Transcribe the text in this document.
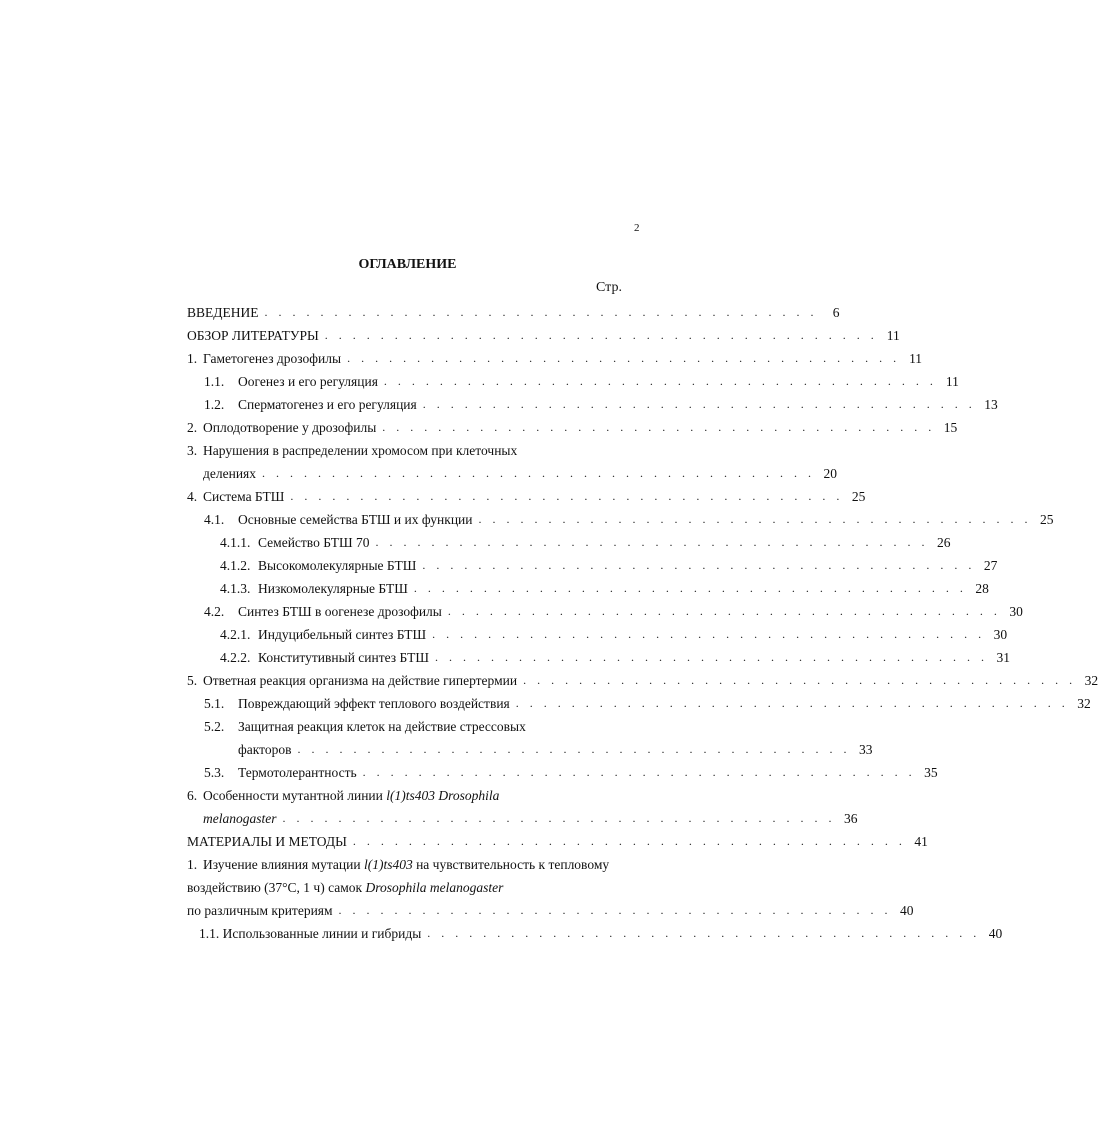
2
ОГЛАВЛЕНИЕ
Стр.
ВВЕДЕНИЕ . . . . . . . . . . . . . . . . . . . . . . . . . . . . . . . . . . . . . . . .	6
ОБЗОР ЛИТЕРАТУРЫ . . . . . . . . . . . . . . . . . . . . . . . . . . . . . . . . . . . . . . . . 11
1. Гаметогенез дрозофилы . . . . . . . . . . . . . . . . . . . . . . . . . . . . . . . . . . . . . . . . 11
1.1.	Оогенез и его регуляция . . . . . . . . . . . . . . . . . . . . . . . . . . . . . . . . . . . . . . . . 11
1.2.	Сперматогенез и его регуляция . . . . . . . . . . . . . . . . . . . . . . . . . . . . . . . . . . . . . . . . 13
2. Оплодотворение у дрозофилы . . . . . . . . . . . . . . . . . . . . . . . . . . . . . . . . . . . . . . . . 15
3. Нарушения в распределении хромосом при клеточных
делениях . . . . . . . . . . . . . . . . . . . . . . . . . . . . . . . . . . . . . . . . 20
4. Система БТШ . . . . . . . . . . . . . . . . . . . . . . . . . . . . . . . . . . . . . . . . 25
4.1.	Основные семейства БТШ и их функции . . . . . . . . . . . . . . . . . . . . . . . . . . . . . . . . . . . . . . . . 25
4.1.1. Семейство БТШ 70 . . . . . . . . . . . . . . . . . . . . . . . . . . . . . . . . . . . . . . . . 26
4.1.2. Высокомолекулярные БТШ . . . . . . . . . . . . . . . . . . . . . . . . . . . . . . . . . . . . . . . . 27
4.1.3. Низкомолекулярные БТШ . . . . . . . . . . . . . . . . . . . . . . . . . . . . . . . . . . . . . . . . 28
4.2.	Синтез БТШ в оогенезе дрозофилы . . . . . . . . . . . . . . . . . . . . . . . . . . . . . . . . . . . . . . . . 30
4.2.1. Индуцибельный синтез БТШ . . . . . . . . . . . . . . . . . . . . . . . . . . . . . . . . . . . . . . . . 30
4.2.2. Конститутивный синтез БТШ . . . . . . . . . . . . . . . . . . . . . . . . . . . . . . . . . . . . . . . . 31
5. Ответная реакция организма на действие гипертермии . . . . . . . . . . . . . . . . . . . . . . . . . . . . . . . . . . . . . . . . 32
5.1.	Повреждающий эффект теплового воздействия . . . . . . . . . . . . . . . . . . . . . . . . . . . . . . . . . . . . . . . . 32
5.2.	Защитная реакция клеток на действие стрессовых
факторов . . . . . . . . . . . . . . . . . . . . . . . . . . . . . . . . . . . . . . . . 33
5.3.	Термотолерантность . . . . . . . . . . . . . . . . . . . . . . . . . . . . . . . . . . . . . . . . 35
6. Особенности мутантной линии l(1)ts403 Drosophila
melanogaster . . . . . . . . . . . . . . . . . . . . . . . . . . . . . . . . . . . . . . . . 36
МАТЕРИАЛЫ И МЕТОДЫ . . . . . . . . . . . . . . . . . . . . . . . . . . . . . . . . . . . . . . . . 41
1. Изучение влияния мутации l(1)ts403 на чувствительность к тепловому
воздействию (37°С, 1 ч) самок Drosophila melanogaster
по различным критериям . . . . . . . . . . . . . . . . . . . . . . . . . . . . . . . . . . . . . . . . 40
1.1. Использованные линии и гибриды . . . . . . . . . . . . . . . . . . . . . . . . . . . . . . . . . . . . . . . . 40
